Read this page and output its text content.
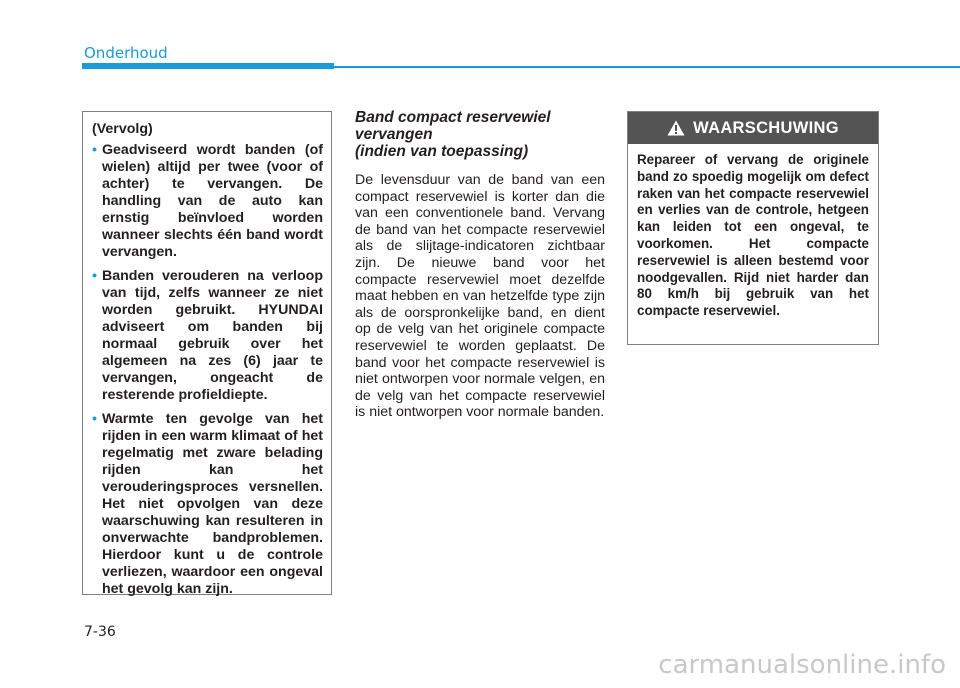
Onderhoud
(Vervolg)
• Geadviseerd wordt banden (of wielen) altijd per twee (voor of achter) te vervangen. De handling van de auto kan ernstig beïnvloed worden wanneer slechts één band wordt vervangen.
• Banden verouderen na verloop van tijd, zelfs wanneer ze niet worden gebruikt. HYUNDAI adviseert om banden bij normaal gebruik over het algemeen na zes (6) jaar te vervangen, ongeacht de resterende profieldiepte.
• Warmte ten gevolge van het rijden in een warm klimaat of het regelmatig met zware belading rijden kan het verouderingsproces versnellen. Het niet opvolgen van deze waarschuwing kan resulteren in onverwachte bandproblemen. Hierdoor kunt u de controle verliezen, waardoor een ongeval het gevolg kan zijn.
Band compact reservewiel vervangen
(indien van toepassing)

De levensduur van de band van een compact reservewiel is korter dan die van een conventionele band. Vervang de band van het compacte reservewiel als de slijtage-indicatoren zichtbaar zijn. De nieuwe band voor het compacte reservewiel moet dezelfde maat hebben en van hetzelfde type zijn als de oorspronkelijke band, en dient op de velg van het originele compacte reservewiel te worden geplaatst. De band voor het compacte reservewiel is niet ontworpen voor normale velgen, en de velg van het compacte reservewiel is niet ontworpen voor normale banden.

WAARSCHUWING
Repareer of vervang de originele band zo spoedig mogelijk om defect raken van het compacte reservewiel en verlies van de controle, hetgeen kan leiden tot een ongeval, te voorkomen. Het compacte reservewiel is alleen bestemd voor noodgevallen. Rijd niet harder dan 80 km/h bij gebruik van het compacte reservewiel.
7-36
carmanualsonline.info
